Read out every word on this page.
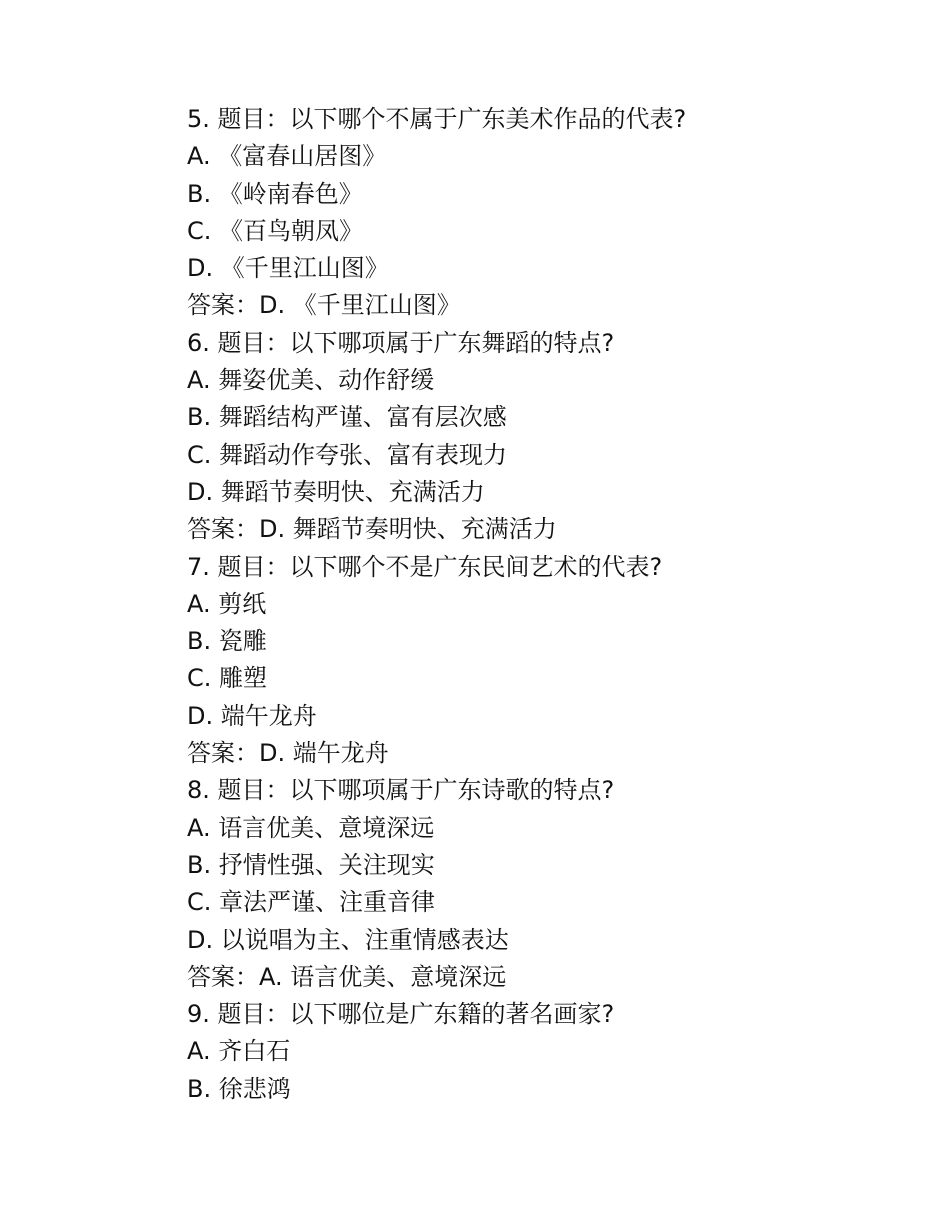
5. 题目：以下哪个不属于广东美术作品的代表?
A. 《富春山居图》
B. 《岭南春色》
C. 《百鸟朝凤》
D. 《千里江山图》
答案：D. 《千里江山图》
6. 题目：以下哪项属于广东舞蹈的特点?
A. 舞姿优美、动作舒缓
B. 舞蹈结构严谨、富有层次感
C. 舞蹈动作夸张、富有表现力
D. 舞蹈节奏明快、充满活力
答案：D. 舞蹈节奏明快、充满活力
7. 题目：以下哪个不是广东民间艺术的代表?
A. 剪纸
B. 瓷雕
C. 雕塑
D. 端午龙舟
答案：D. 端午龙舟
8. 题目：以下哪项属于广东诗歌的特点?
A. 语言优美、意境深远
B. 抒情性强、关注现实
C. 章法严谨、注重音律
D. 以说唱为主、注重情感表达
答案：A. 语言优美、意境深远
9. 题目：以下哪位是广东籍的著名画家?
A. 齐白石
B. 徐悲鸿
